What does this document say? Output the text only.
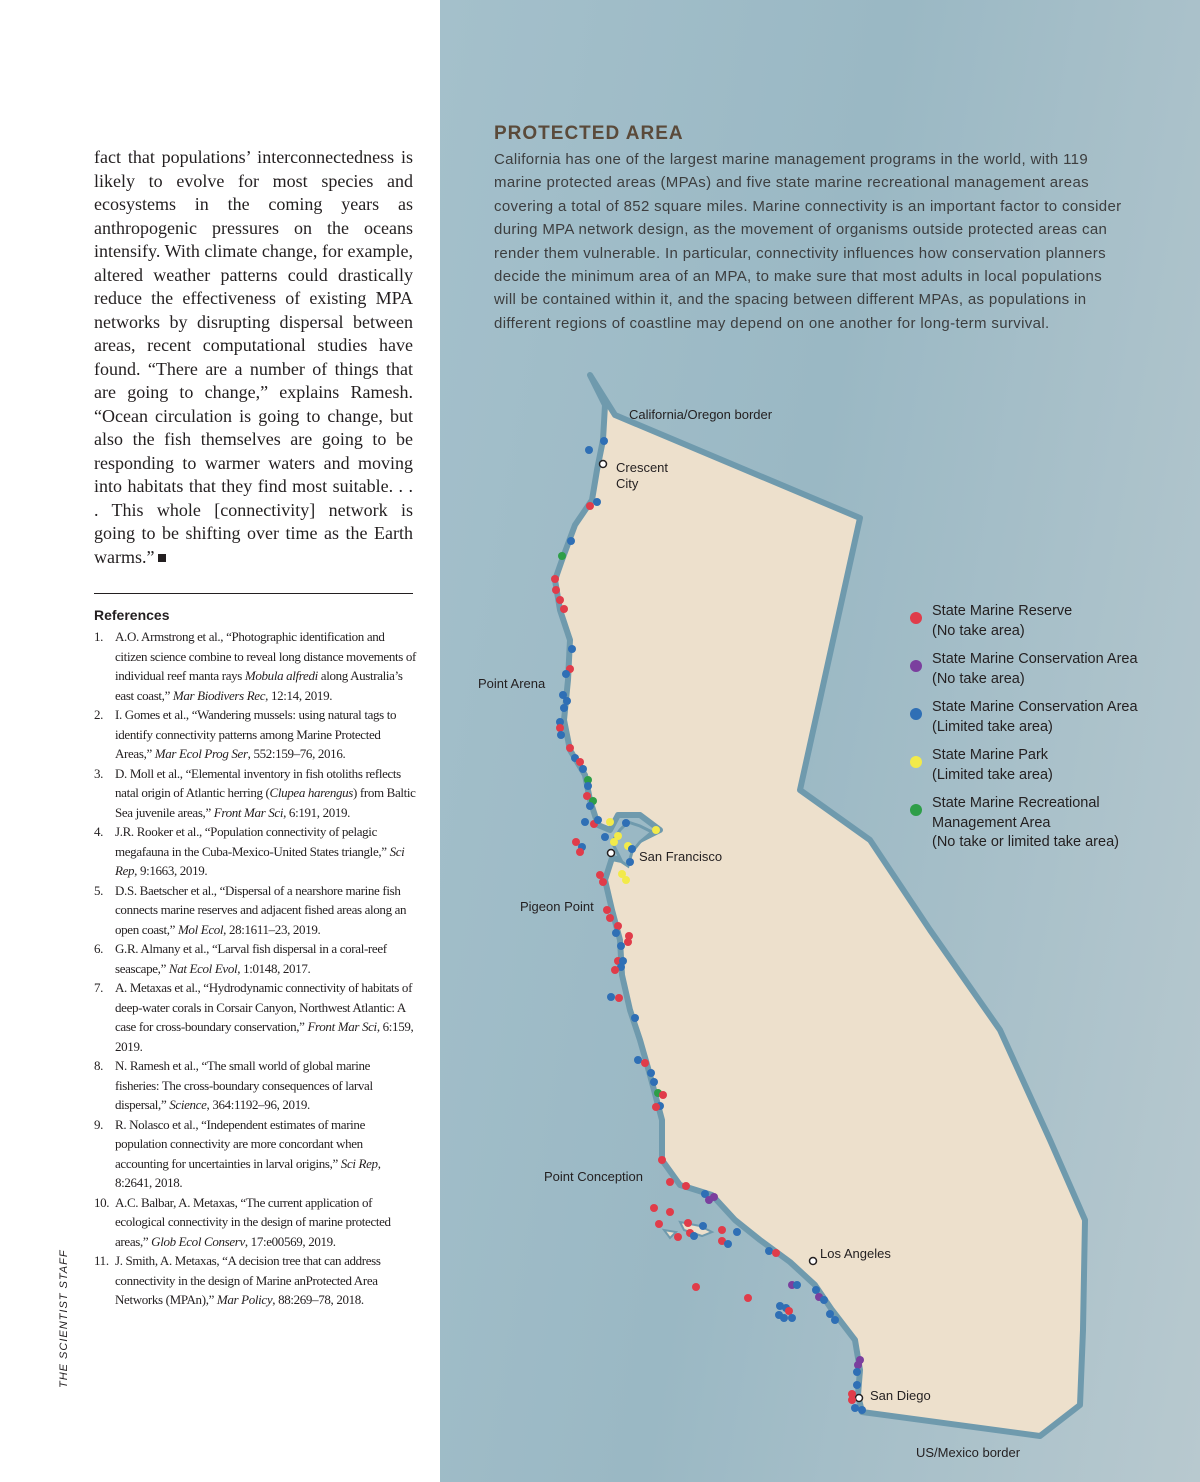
fact that populations’ interconnectedness is likely to evolve for most species and ecosystems in the coming years as anthropogenic pressures on the oceans intensify. With climate change, for example, altered weather patterns could drastically reduce the effectiveness of existing MPA networks by disrupting dispersal between areas, recent computational studies have found. “There are a number of things that are going to change,” explains Ramesh. “Ocean circulation is going to change, but also the fish themselves are going to be responding to warmer waters and moving into habitats that they find most suitable. . . . This whole [connectivity] network is going to be shifting over time as the Earth warms.”

References
1. A.O. Armstrong et al., “Photographic identification and citizen science combine to reveal long distance movements of individual reef manta rays Mobula alfredi along Australia’s east coast,” Mar Biodivers Rec, 12:14, 2019.
2. I. Gomes et al., “Wandering mussels: using natural tags to identify connectivity patterns among Marine Protected Areas,” Mar Ecol Prog Ser, 552:159–76, 2016.
3. D. Moll et al., “Elemental inventory in fish otoliths reflects natal origin of Atlantic herring (Clupea harengus) from Baltic Sea juvenile areas,” Front Mar Sci, 6:191, 2019.
4. J.R. Rooker et al., “Population connectivity of pelagic megafauna in the Cuba-Mexico-United States triangle,” Sci Rep, 9:1663, 2019.
5. D.S. Baetscher et al., “Dispersal of a nearshore marine fish connects marine reserves and adjacent fished areas along an open coast,” Mol Ecol, 28:1611–23, 2019.
6. G.R. Almany et al., “Larval fish dispersal in a coral-reef seascape,” Nat Ecol Evol, 1:0148, 2017.
7. A. Metaxas et al., “Hydrodynamic connectivity of habitats of deep-water corals in Corsair Canyon, Northwest Atlantic: A case for cross-boundary conservation,” Front Mar Sci, 6:159, 2019.
8. N. Ramesh et al., “The small world of global marine fisheries: The cross-boundary consequences of larval dispersal,” Science, 364:1192–96, 2019.
9. R. Nolasco et al., “Independent estimates of marine population connectivity are more concordant when accounting for uncertainties in larval origins,” Sci Rep, 8:2641, 2018.
10. A.C. Balbar, A. Metaxas, “The current application of ecological connectivity in the design of marine protected areas,” Glob Ecol Conserv, 17:e00569, 2019.
11. J. Smith, A. Metaxas, “A decision tree that can address connectivity in the design of Marine anProtected Area Networks (MPAn),” Mar Policy, 88:269–78, 2018.
THE SCIENTIST STAFF
PROTECTED AREA

California has one of the largest marine management programs in the world, with 119 marine protected areas (MPAs) and five state marine recreational management areas covering a total of 852 square miles. Marine connectivity is an important factor to consider during MPA network design, as the movement of organisms outside protected areas can render them vulnerable. In particular, connectivity influences how conservation planners decide the minimum area of an MPA, to make sure that most adults in local populations will be contained within it, and the spacing between different MPAs, as populations in different regions of coastline may depend on one another for long-term survival.

California/Oregon border
Point Arena
Pigeon Point
Point Conception
US/Mexico border
Crescent
City
San Francisco
Los Angeles
San Diego
State Marine Reserve
(No take area)
State Marine Conservation Area
(No take area)
State Marine Conservation Area
(Limited take area)
State Marine Park
(Limited take area)
State Marine Recreational
Management Area
(No take or limited take area)
